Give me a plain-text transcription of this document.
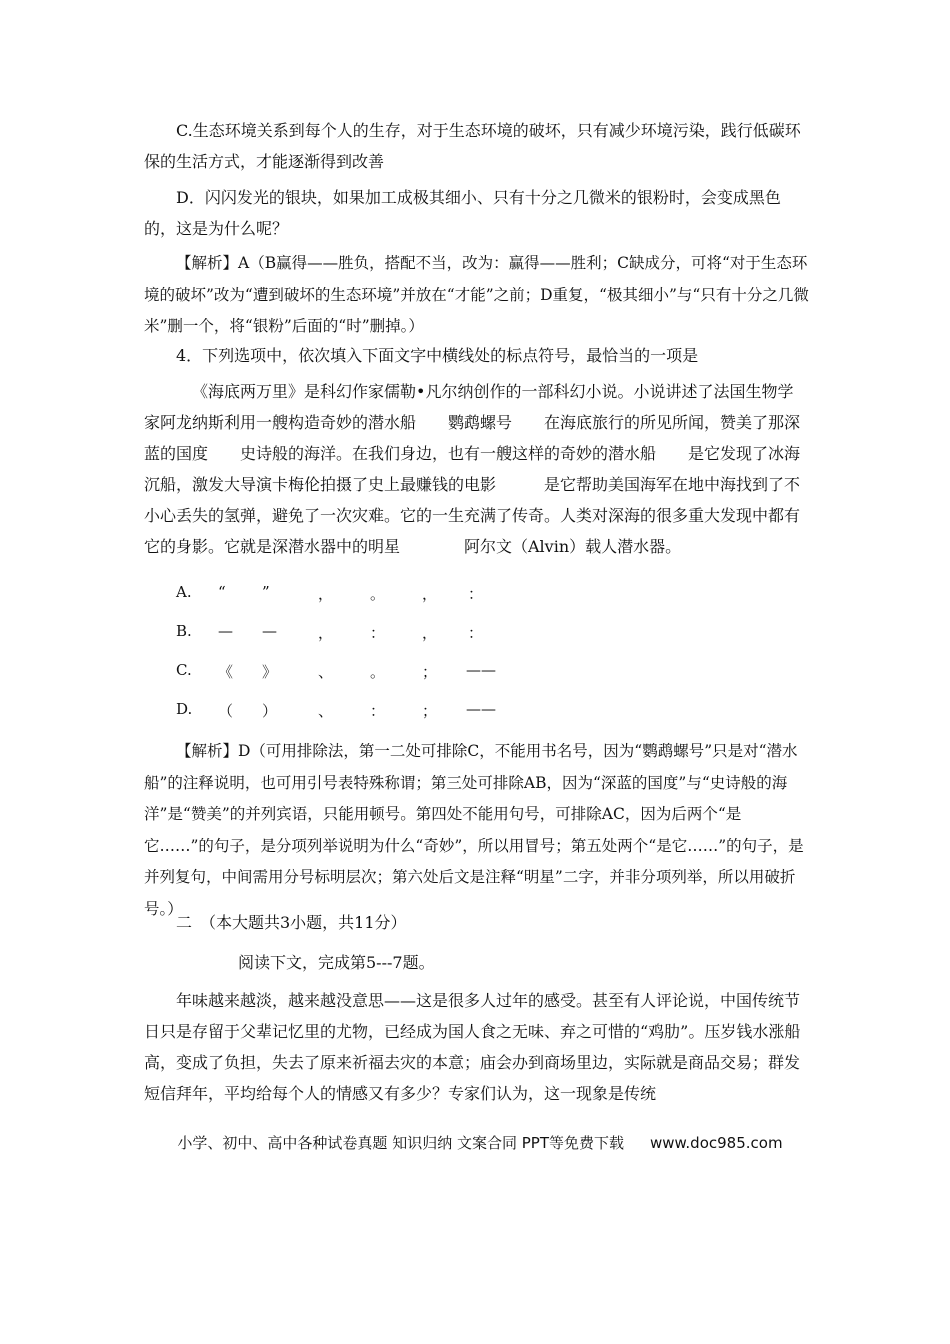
C.生态环境关系到每个人的生存，对于生态环境的破坏，只有减少环境污染，践行低碳环保的生活方式，才能逐渐得到改善

D．闪闪发光的银块，如果加工成极其细小、只有十分之几微米的银粉时，会变成黑色的，这是为什么呢？

【解析】A（B赢得——胜负，搭配不当，改为：赢得——胜利；C缺成分，可将“对于生态环境的破坏”改为“遭到破坏的生态环境”并放在“才能”之前；D重复，“极其细小”与“只有十分之几微米”删一个，将“银粉”后面的“时”删掉。）

4．下列选项中，依次填入下面文字中横线处的标点符号，最恰当的一项是

《海底两万里》是科幻作家儒勒•凡尔纳创作的一部科幻小说。小说讲述了法国生物学家阿龙纳斯利用一艘构造奇妙的潜水船　　鹦鹉螺号　　在海底旅行的所见所闻，赞美了那深蓝的国度　　史诗般的海洋。在我们身边，也有一艘这样的奇妙的潜水船　　是它发现了冰海沉船，激发大导演卡梅伦拍摄了史上最赚钱的电影　　　是它帮助美国海军在地中海找到了不小心丢失的氢弹，避免了一次灾难。它的一生充满了传奇。人类对深海的很多重大发现中都有它的身影。它就是深潜水器中的明星　　　　阿尔文（Alvin）载人潜水器。

A. “ ”	， 。 ， ：
B. — —	， ： ， ：
C. 《 》	、 。 ； ——
D. （ ）	、 ： ； ——

【解析】D（可用排除法，第一二处可排除C，不能用书名号，因为“鹦鹉螺号”只是对“潜水船”的注释说明，也可用引号表特殊称谓；第三处可排除AB，因为“深蓝的国度”与“史诗般的海洋”是“赞美”的并列宾语，只能用顿号。第四处不能用句号，可排除AC，因为后两个“是它……”的句子，是分项列举说明为什么“奇妙”，所以用冒号；第五处两个“是它……”的句子，是并列复句，中间需用分号标明层次；第六处后文是注释“明星”二字，并非分项列举，所以用破折号。）

二　（本大题共3小题，共11分）

阅读下文，完成第5---7题。

年味越来越淡，越来越没意思——这是很多人过年的感受。甚至有人评论说，中国传统节日只是存留于父辈记忆里的尤物，已经成为国人食之无味、弃之可惜的“鸡肋”。压岁钱水涨船高，变成了负担，失去了原来祈福去灾的本意；庙会办到商场里边，实际就是商品交易；群发短信拜年，平均给每个人的情感又有多少？专家们认为，这一现象是传统

小学、初中、高中各种试卷真题 知识归纳 文案合同 PPT等免费下载 www.doc985.com
